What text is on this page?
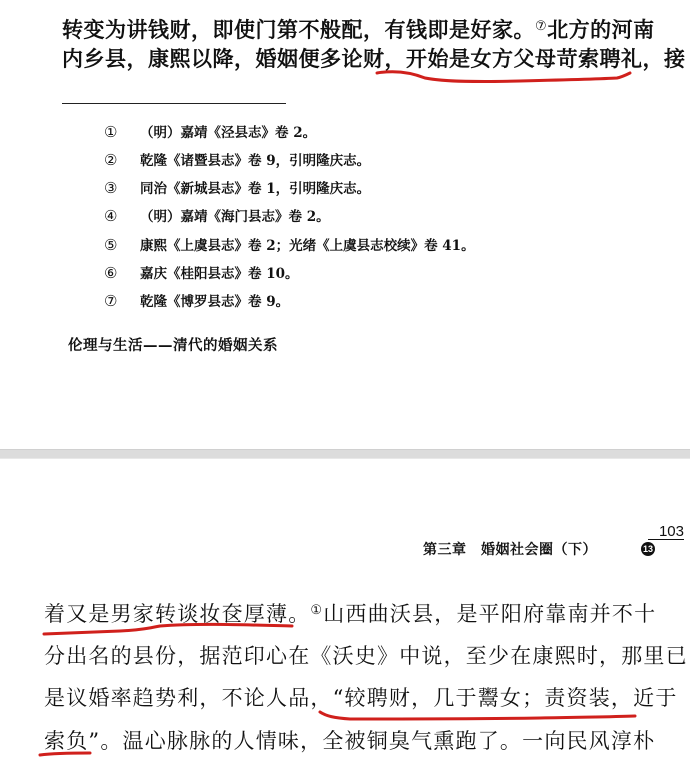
转变为讲钱财，即使门第不般配，有钱即是好家。⑦北方的河南
内乡县，康熙以降，婚姻便多论财，开始是女方父母苛索聘礼，接
① （明）嘉靖《泾县志》卷 2。
② 乾隆《诸暨县志》卷 9，引明隆庆志。
③ 同治《新城县志》卷 1，引明隆庆志。
④ （明）嘉靖《海门县志》卷 2。
⑤ 康熙《上虞县志》卷 2；光绪《上虞县志校续》卷 41。
⑥ 嘉庆《桂阳县志》卷 10。
⑦ 乾隆《博罗县志》卷 9。
伦理与生活——清代的婚姻关系
103
第三章　婚姻社会圈（下）	13
着又是男家转谈妆奁厚薄。①山西曲沃县，是平阳府靠南并不十
分出名的县份，据范印心在《沃史》中说，至少在康熙时，那里已
是议婚率趋势利，不论人品，“较聘财，几于鬻女；责资装，近于
索负”。温心脉脉的人情味，全被铜臭气熏跑了。一向民风淳朴
